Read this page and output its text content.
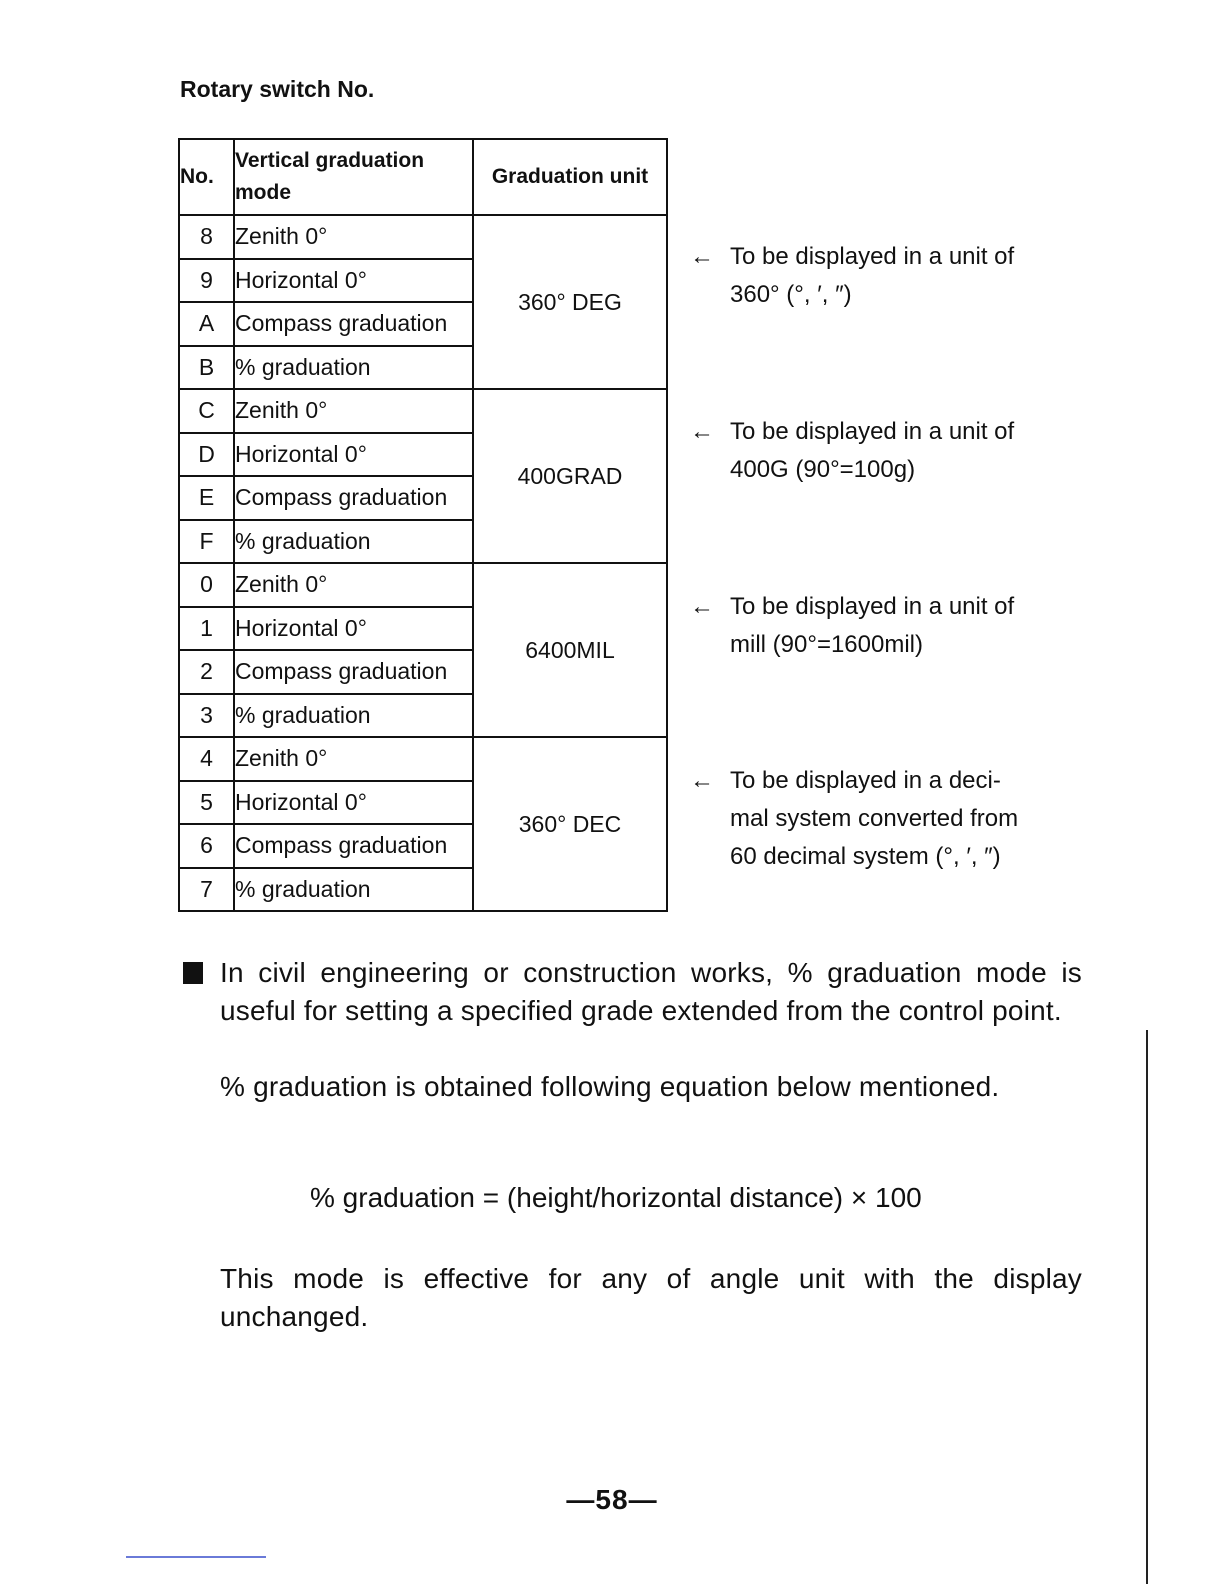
Rotary switch No.
No.	Vertical graduation mode	Graduation unit
8	Zenith 0°	360° DEG
9	Horizontal 0°	
A	Compass graduation	
B	% graduation	
C	Zenith 0°	400GRAD
D	Horizontal 0°	
E	Compass graduation	
F	% graduation	
0	Zenith 0°	6400MIL
1	Horizontal 0°	
2	Compass graduation	
3	% graduation	
4	Zenith 0°	360° DEC
5	Horizontal 0°	
6	Compass graduation	
7	% graduation	
← To be displayed in a unit of
360° (°, ′, ″)
← To be displayed in a unit of
400G (90°=100g)
← To be displayed in a unit of
mill (90°=1600mil)
← To be displayed in a deci-
mal system converted from
60 decimal system (°, ′, ″)
In civil engineering or construction works, % graduation mode is useful for setting a specified grade extended from the control point.
% graduation is obtained following equation below mentioned.
% graduation = (height/horizontal distance) × 100
This mode is effective for any of angle unit with the display unchanged.
—58—
